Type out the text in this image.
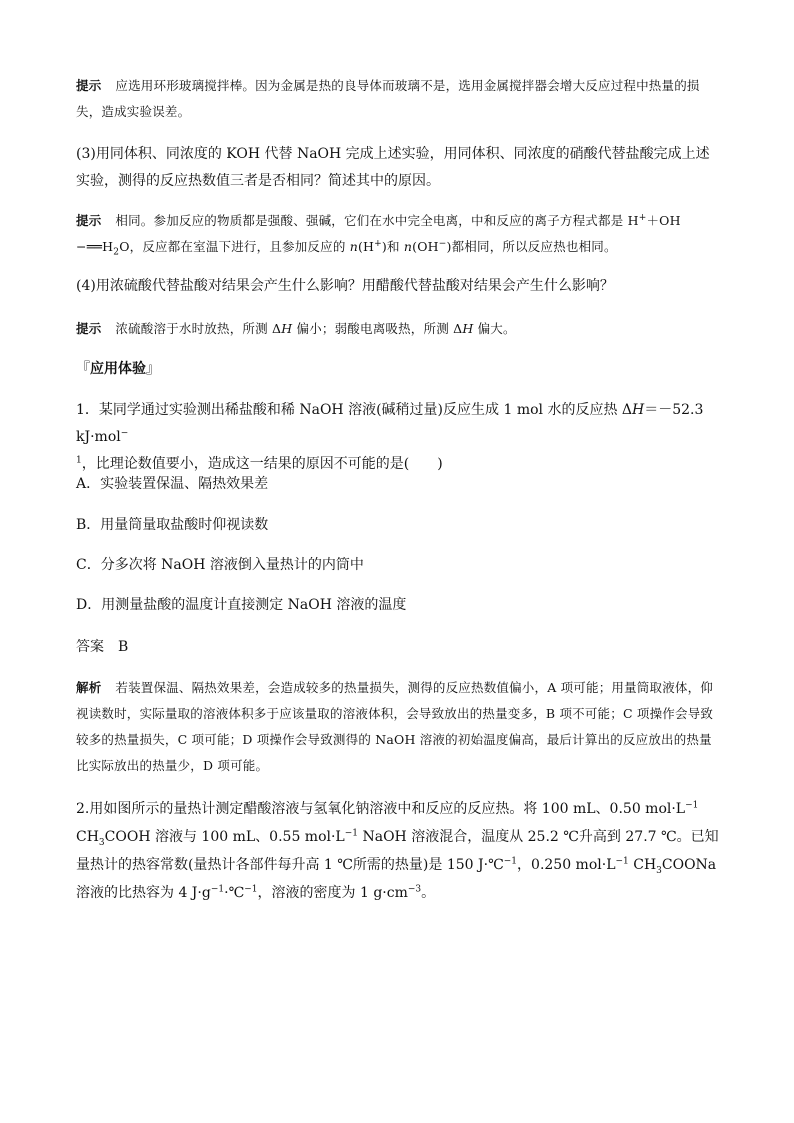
提示 应选用环形玻璃搅拌棒。因为金属是热的良导体而玻璃不是，选用金属搅拌器会增大反应过程中热量的损失，造成实验误差。
(3)用同体积、同浓度的 KOH 代替 NaOH 完成上述实验，用同体积、同浓度的硝酸代替盐酸完成上述实验，测得的反应热数值三者是否相同？简述其中的原因。
提示 相同。参加反应的物质都是强酸、强碱，它们在水中完全电离，中和反应的离子方程式都是 H+＋OH
$-══H_2O$，反应都在室温下进行，且参加反应的 n(H+)和 n(OH−)都相同，所以反应热也相同。
(4)用浓硫酸代替盐酸对结果会产生什么影响？用醋酸代替盐酸对结果会产生什么影响？
提示 浓硫酸溶于水时放热，所测 ΔH 偏小；弱酸电离吸热，所测 ΔH 偏大。
『应用体验』
1．某同学通过实验测出稀盐酸和稀 NaOH 溶液(碱稍过量)反应生成 1 mol 水的反应热 ΔH＝－52.3 kJ·mol−
$^1$，比理论数值要小，造成这一结果的原因不可能的是(　　)
A．实验装置保温、隔热效果差
B．用量筒量取盐酸时仰视读数
C．分多次将 NaOH 溶液倒入量热计的内筒中
D．用测量盐酸的温度计直接测定 NaOH 溶液的温度
答案 B
解析 若装置保温、隔热效果差，会造成较多的热量损失，测得的反应热数值偏小，A 项可能；用量筒取液体，仰视读数时，实际量取的溶液体积多于应该量取的溶液体积，会导致放出的热量变多，B 项不可能；C 项操作会导致较多的热量损失，C 项可能；D 项操作会导致测得的 NaOH 溶液的初始温度偏高，最后计算出的反应放出的热量比实际放出的热量少，D 项可能。
2.用如图所示的量热计测定醋酸溶液与氢氧化钠溶液中和反应的反应热。将 100 mL、0.50 $mol\cdot L^{-1}$ $CH_3COOH$ 溶液与 100 mL、0.55 $mol\cdot L^{-1}$ NaOH 溶液混合，温度从 25.2 ℃升高到 27.7 ℃。已知量热计的热容常数(量热计各部件每升高 1 ℃所需的热量)是 150 J·℃$^{-1}$，0.250 $mol\cdot L^{-1}$ $CH_3COONa$ 溶液的比热容为 4 $J\cdot g^{-1}\cdot℃^{-1}$，溶液的密度为 1 $g\cdot cm^{-3}$。
